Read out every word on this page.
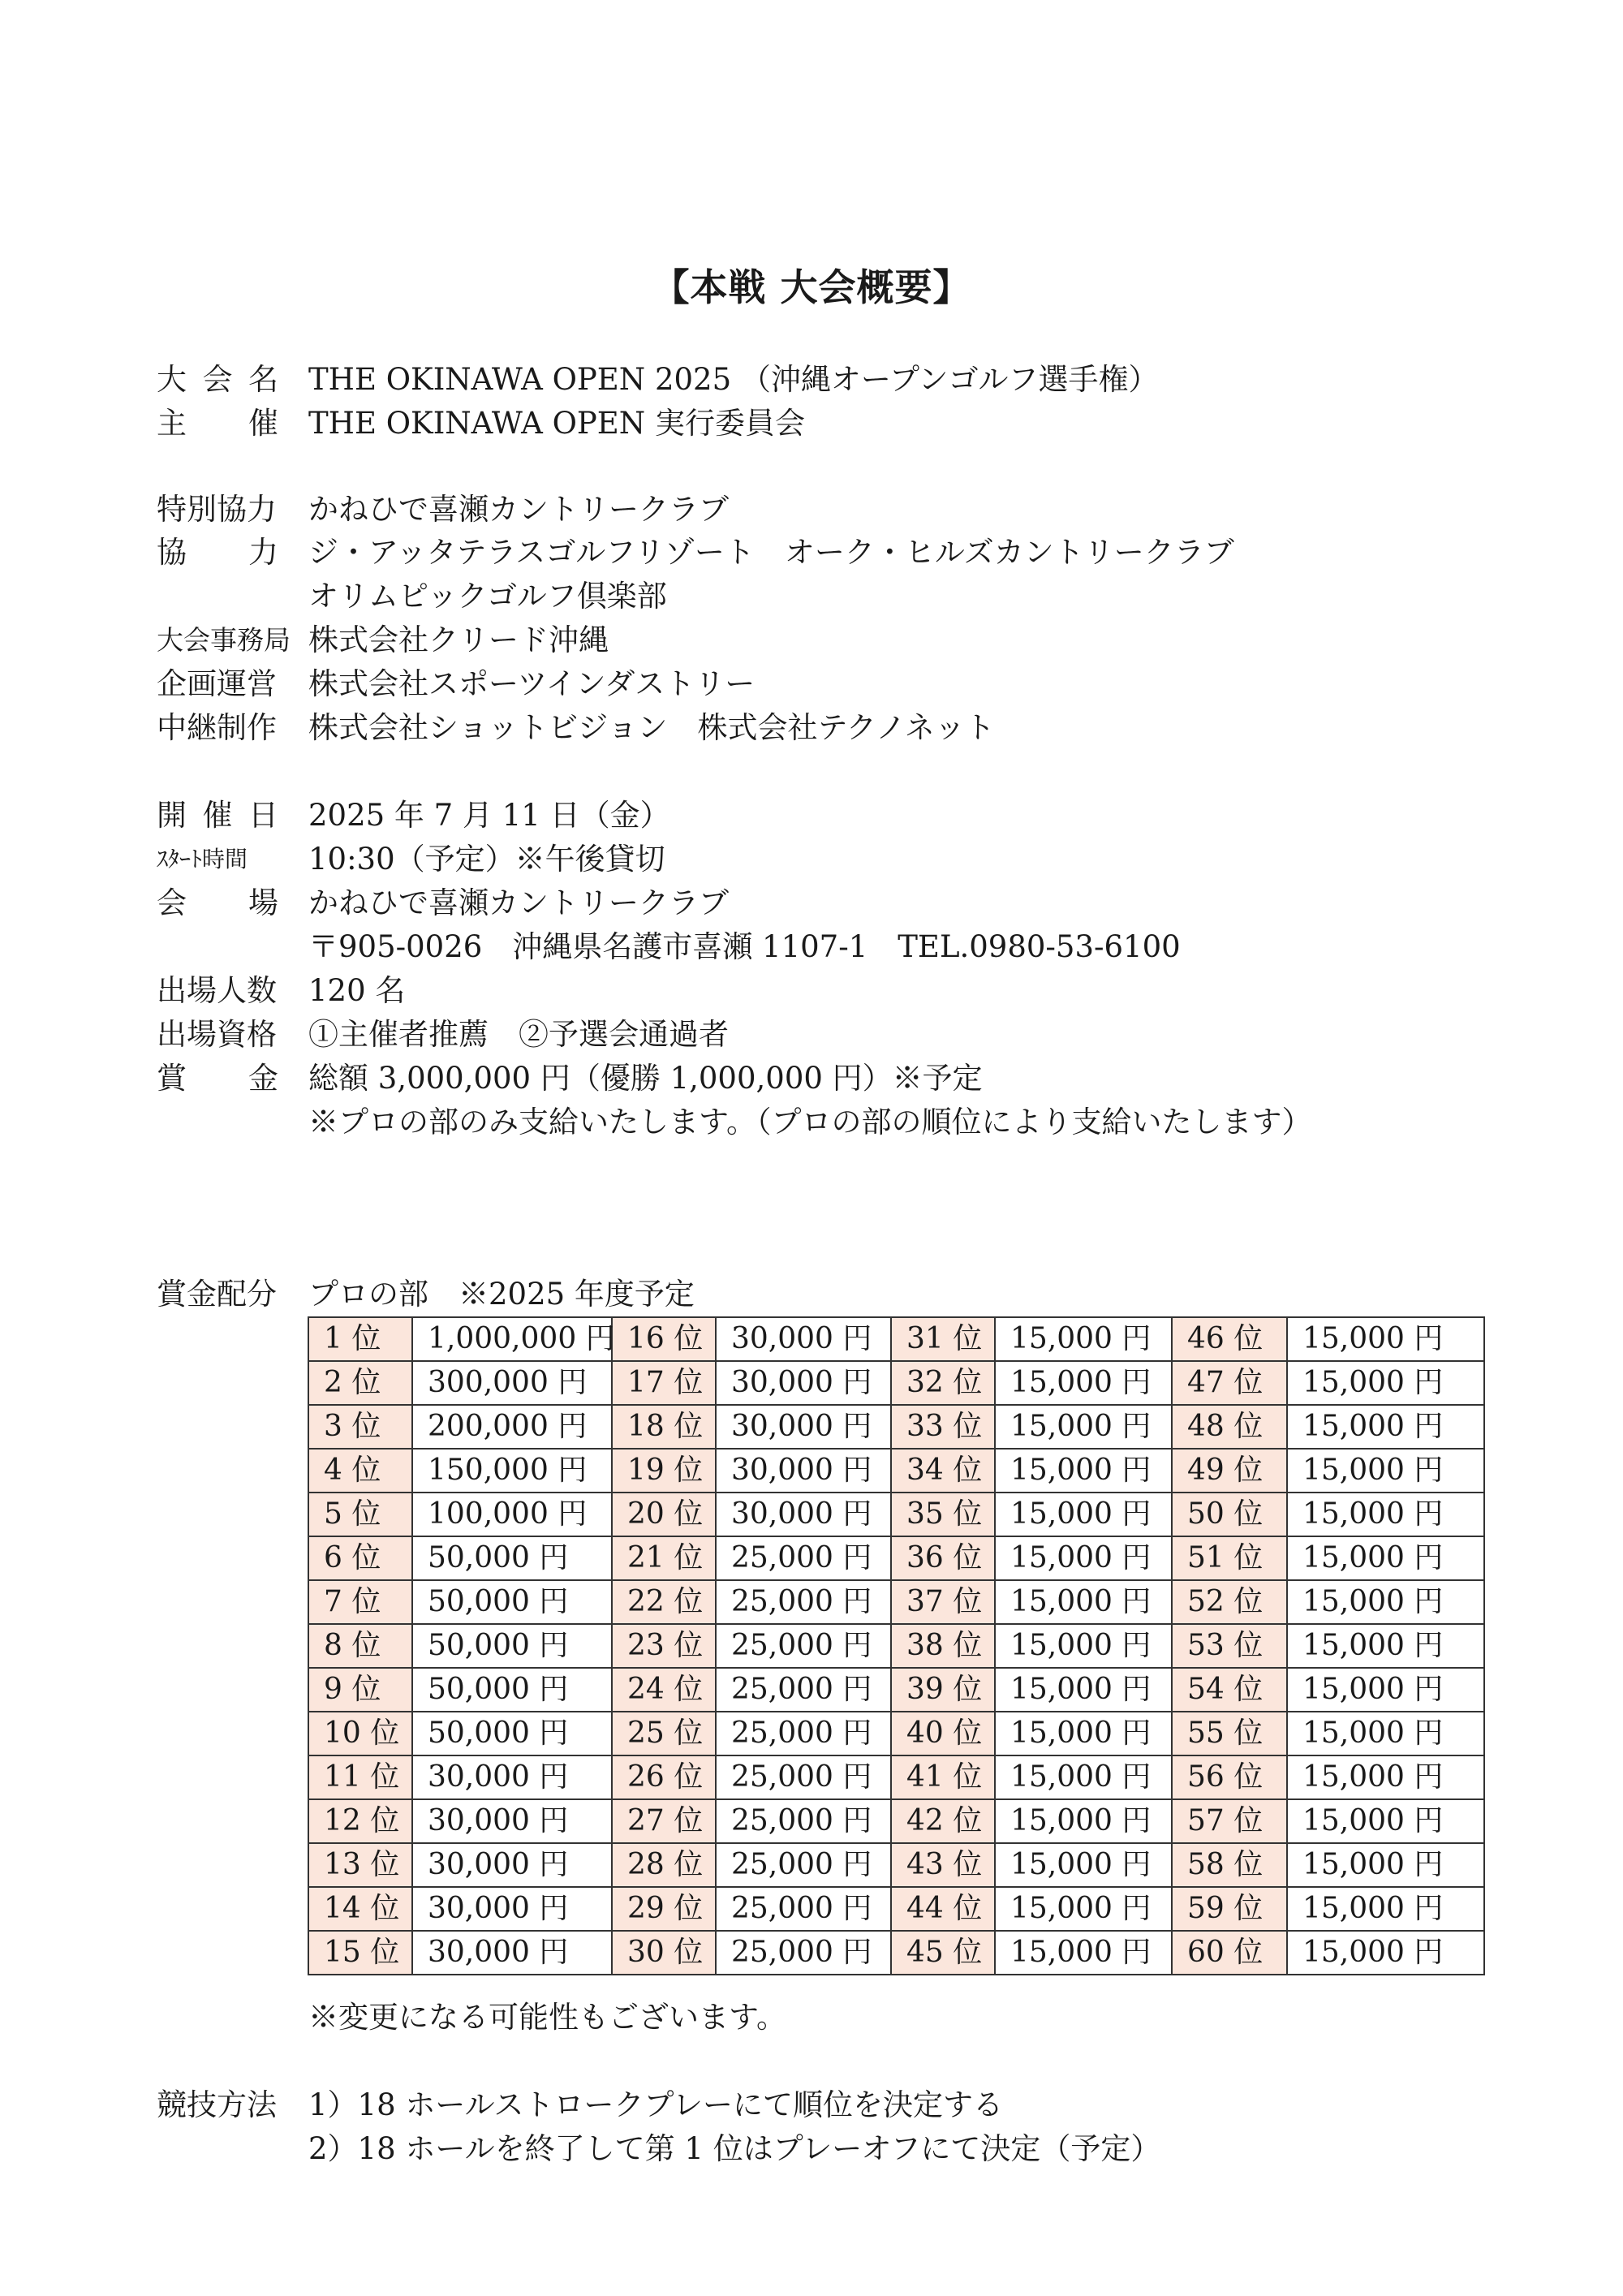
【本戦 大会概要】
大 会 名 THE OKINAWA OPEN 2025 （沖縄オープンゴルフ選手権）
主 催 THE OKINAWA OPEN 実行委員会
特別協力 かねひで喜瀬カントリークラブ
協 力 ジ・アッタテラスゴルフリゾート　オーク・ヒルズカントリークラブ
オリムピックゴルフ倶楽部
大会事務局 株式会社クリード沖縄
企画運営 株式会社スポーツインダストリー
中継制作 株式会社ショットビジョン　株式会社テクノネット
開 催 日 2025 年 7 月 11 日（金）
ｽﾀｰﾄ時間	10:30（予定）※午後貸切
会 場 かねひで喜瀬カントリークラブ
〒905-0026　沖縄県名護市喜瀬 1107-1　TEL.0980-53-6100
出場人数 120 名
出場資格 ①主催者推薦　②予選会通過者
賞 金 総額 3,000,000 円（優勝 1,000,000 円）※予定
※プロの部のみ支給いたします。（プロの部の順位により支給いたします）
賞金配分 プロの部　※2025 年度予定
1 位	1,000,000 円	16 位	30,000 円	31 位	15,000 円	46 位	15,000 円
2 位	300,000 円	17 位	30,000 円	32 位	15,000 円	47 位	15,000 円
3 位	200,000 円	18 位	30,000 円	33 位	15,000 円	48 位	15,000 円
4 位	150,000 円	19 位	30,000 円	34 位	15,000 円	49 位	15,000 円
5 位	100,000 円	20 位	30,000 円	35 位	15,000 円	50 位	15,000 円
6 位	50,000 円	21 位	25,000 円	36 位	15,000 円	51 位	15,000 円
7 位	50,000 円	22 位	25,000 円	37 位	15,000 円	52 位	15,000 円
8 位	50,000 円	23 位	25,000 円	38 位	15,000 円	53 位	15,000 円
9 位	50,000 円	24 位	25,000 円	39 位	15,000 円	54 位	15,000 円
10 位	50,000 円	25 位	25,000 円	40 位	15,000 円	55 位	15,000 円
11 位	30,000 円	26 位	25,000 円	41 位	15,000 円	56 位	15,000 円
12 位	30,000 円	27 位	25,000 円	42 位	15,000 円	57 位	15,000 円
13 位	30,000 円	28 位	25,000 円	43 位	15,000 円	58 位	15,000 円
14 位	30,000 円	29 位	25,000 円	44 位	15,000 円	59 位	15,000 円
15 位	30,000 円	30 位	25,000 円	45 位	15,000 円	60 位	15,000 円
※変更になる可能性もございます。
競技方法 1）18 ホールストロークプレーにて順位を決定する
2）18 ホールを終了して第 1 位はプレーオフにて決定（予定）
